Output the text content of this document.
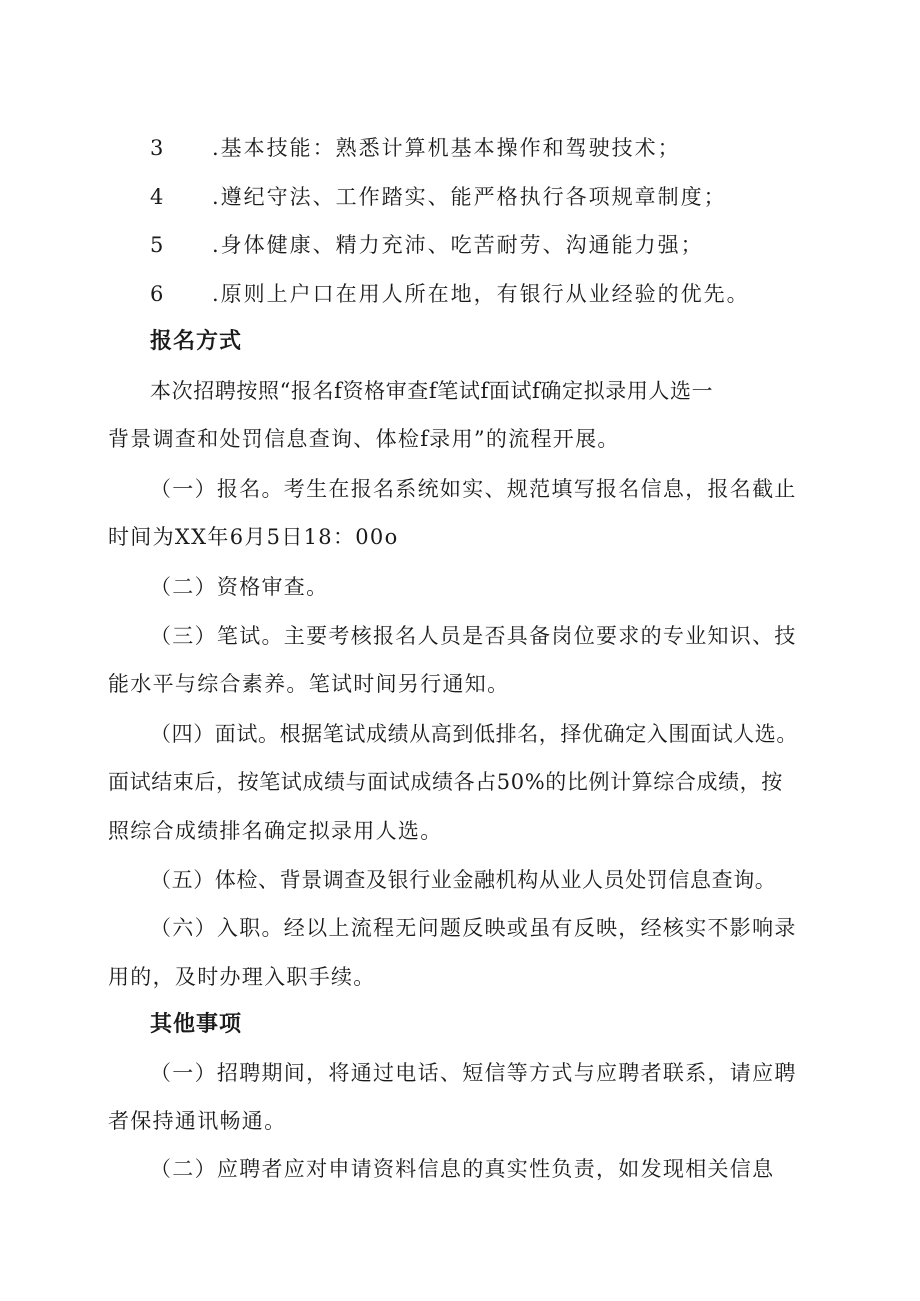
3 .基本技能：熟悉计算机基本操作和驾驶技术；
4 .遵纪守法、工作踏实、能严格执行各项规章制度；
5 .身体健康、精力充沛、吃苦耐劳、沟通能力强；
6 .原则上户口在用人所在地，有银行从业经验的优先。
报名方式
本次招聘按照“报名f资格审查f笔试f面试f确定拟录用人选一
背景调查和处罚信息查询、体检f录用”的流程开展。
（一）报名。考生在报名系统如实、规范填写报名信息，报名截止
时间为XX年6月5日18：00o
（二）资格审查。
（三）笔试。主要考核报名人员是否具备岗位要求的专业知识、技
能水平与综合素养。笔试时间另行通知。
（四）面试。根据笔试成绩从高到低排名，择优确定入围面试人选。
面试结束后，按笔试成绩与面试成绩各占50%的比例计算综合成绩，按
照综合成绩排名确定拟录用人选。
（五）体检、背景调查及银行业金融机构从业人员处罚信息查询。
（六）入职。经以上流程无问题反映或虽有反映，经核实不影响录
用的，及时办理入职手续。
其他事项
（一）招聘期间，将通过电话、短信等方式与应聘者联系，请应聘
者保持通讯畅通。
（二）应聘者应对申请资料信息的真实性负责，如发现相关信息
